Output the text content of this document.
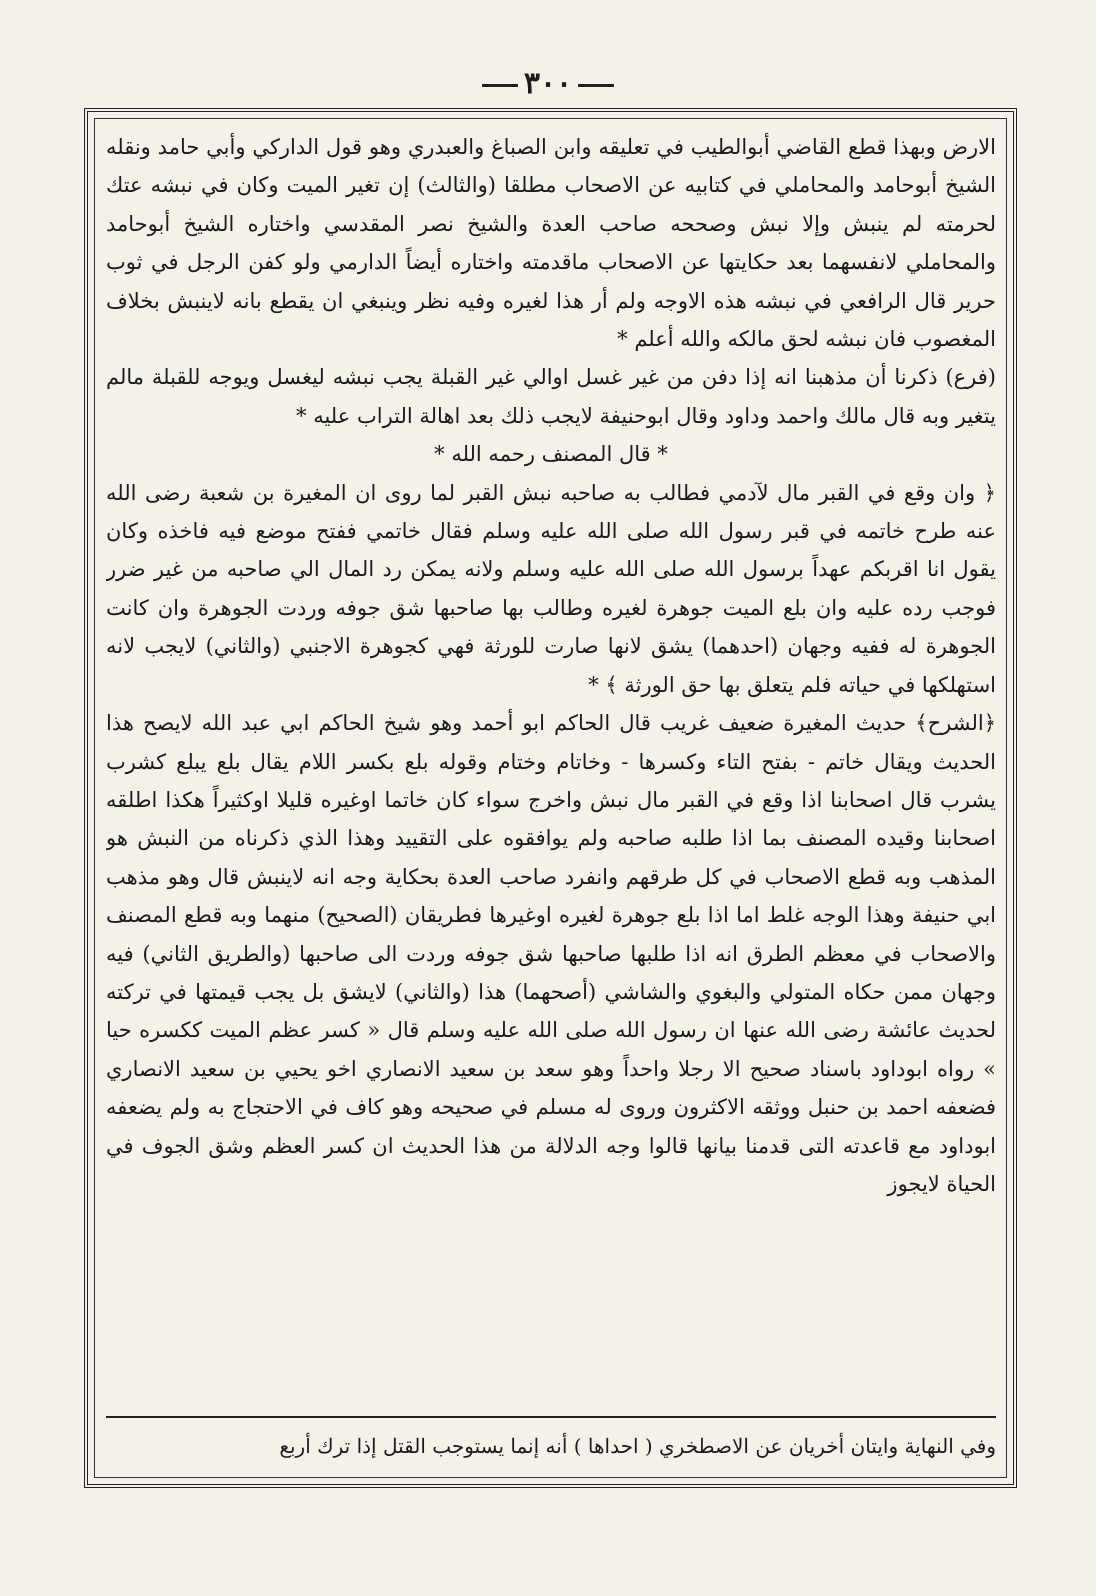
٣٠٠

الارض وبهذا قطع القاضي أبوالطيب في تعليقه وابن الصباغ والعبدري وهو قول الداركي وأبي حامد ونقله الشيخ أبوحامد والمحاملي في كتابيه عن الاصحاب مطلقا (والثالث) إن تغير الميت وكان في نبشه عتك لحرمته لم ينبش وإلا نبش وصححه صاحب العدة والشيخ نصر المقدسي واختاره الشيخ أبوحامد والمحاملي لانفسهما بعد حكايتها عن الاصحاب ماقدمته واختاره أيضاً الدارمي ولو كفن الرجل في ثوب حرير قال الرافعي في نبشه هذه الاوجه ولم أر هذا لغيره وفيه نظر وينبغي ان يقطع بانه لاينبش بخلاف المغصوب فان نبشه لحق مالكه والله أعلم *

(فرع) ذكرنا أن مذهبنا انه إذا دفن من غير غسل اوالي غير القبلة يجب نبشه ليغسل ويوجه للقبلة مالم يتغير وبه قال مالك واحمد وداود وقال ابوحنيفة لايجب ذلك بعد اهالة التراب عليه *

* قال المصنف رحمه الله *

﴿ وان وقع في القبر مال لآدمي فطالب به صاحبه نبش القبر لما روى ان المغيرة بن شعبة رضى الله عنه طرح خاتمه في قبر رسول الله صلى الله عليه وسلم فقال خاتمي ففتح موضع فيه فاخذه وكان يقول انا اقربكم عهداً برسول الله صلى الله عليه وسلم ولانه يمكن رد المال الي صاحبه من غير ضرر فوجب رده عليه وان بلع الميت جوهرة لغيره وطالب بها صاحبها شق جوفه وردت الجوهرة وان كانت الجوهرة له ففيه وجهان (احدهما) يشق لانها صارت للورثة فهي كجوهرة الاجنبي (والثاني) لايجب لانه استهلكها في حياته فلم يتعلق بها حق الورثة ﴾ *

﴿الشرح﴾ حديث المغيرة ضعيف غريب قال الحاكم ابو أحمد وهو شيخ الحاكم ابي عبد الله لايصح هذا الحديث ويقال خاتم - بفتح التاء وكسرها - وخاتام وختام وقوله بلع بكسر اللام يقال بلع يبلع كشرب يشرب قال اصحابنا اذا وقع في القبر مال نبش واخرج سواء كان خاتما اوغيره قليلا اوكثيراً هكذا اطلقه اصحابنا وقيده المصنف بما اذا طلبه صاحبه ولم يوافقوه على التقييد وهذا الذي ذكرناه من النبش هو المذهب وبه قطع الاصحاب في كل طرقهم وانفرد صاحب العدة بحكاية وجه انه لاينبش قال وهو مذهب ابي حنيفة وهذا الوجه غلط اما اذا بلع جوهرة لغيره اوغيرها فطريقان (الصحيح) منهما وبه قطع المصنف والاصحاب في معظم الطرق انه اذا طلبها صاحبها شق جوفه وردت الى صاحبها (والطريق الثاني) فيه وجهان ممن حكاه المتولي والبغوي والشاشي (أصحهما) هذا (والثاني) لايشق بل يجب قيمتها في تركته لحديث عائشة رضى الله عنها ان رسول الله صلى الله عليه وسلم قال « كسر عظم الميت ككسره حيا » رواه ابوداود باسناد صحيح الا رجلا واحداً وهو سعد بن سعيد الانصاري اخو يحيي بن سعيد الانصاري فضعفه احمد بن حنبل ووثقه الاكثرون وروى له مسلم في صحيحه وهو كاف في الاحتجاج به ولم يضعفه ابوداود مع قاعدته التى قدمنا بيانها قالوا وجه الدلالة من هذا الحديث ان كسر العظم وشق الجوف في الحياة لايجوز

وفي النهاية وايتان أخريان عن الاصطخري ( احداها ) أنه إنما يستوجب القتل إذا ترك أربع
